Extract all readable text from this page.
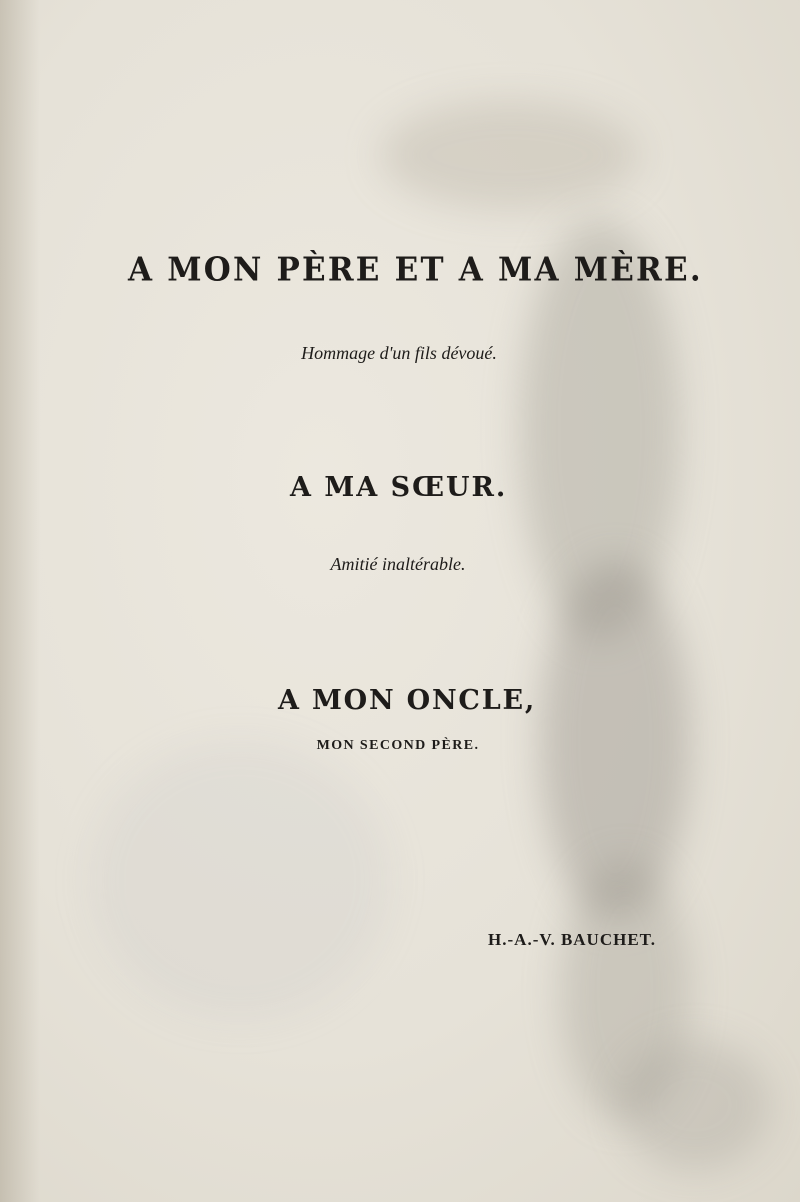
A MON PÈRE ET A MA MÈRE.
Hommage d'un fils dévoué.
A MA SŒUR.
Amitié inaltérable.
A MON ONCLE,
MON SECOND PÈRE.
H.-A.-V. BAUCHET.
